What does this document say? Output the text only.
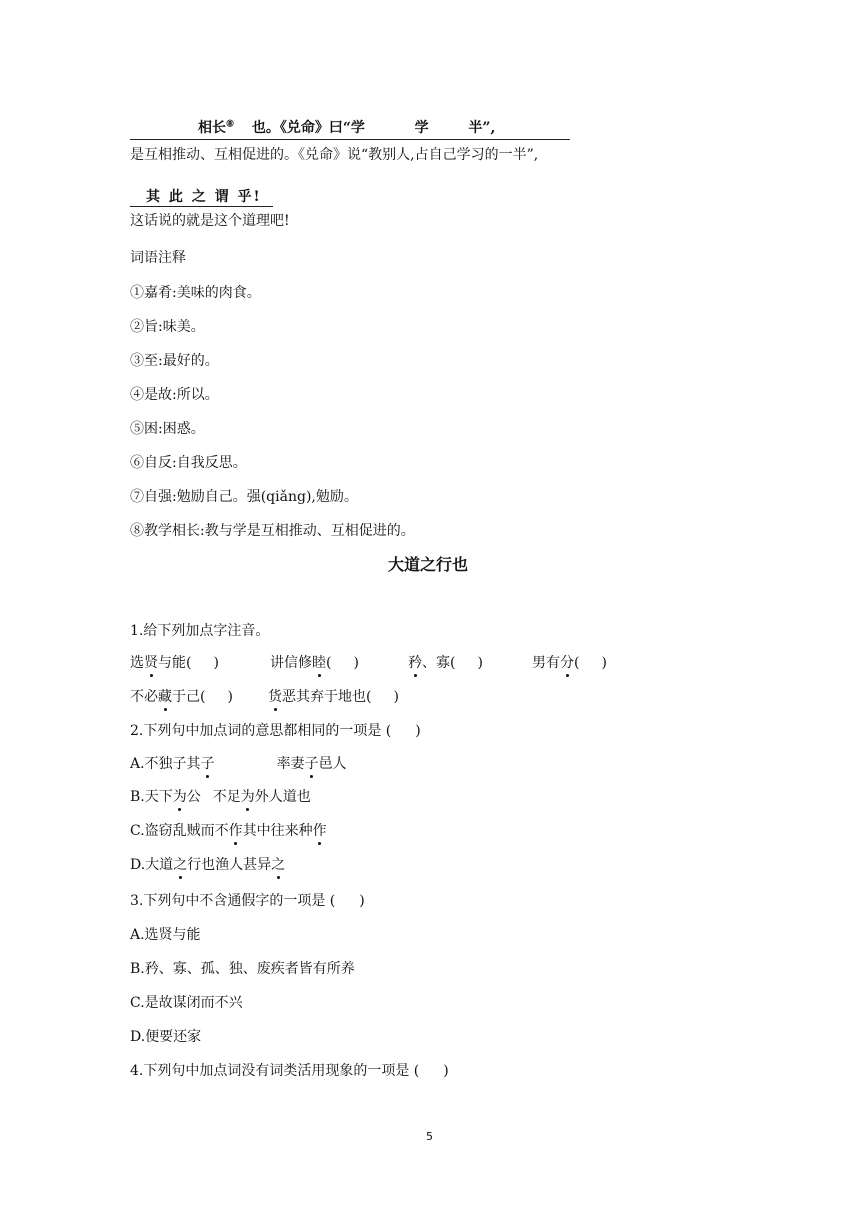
相长⑧ 也。《兑命》曰“学	学	半”,
是互相推动、互相促进的。《兑命》说“教别人,占自己学习的一半”,
其 此 之 谓 乎!
这话说的就是这个道理吧!
词语注释
①嘉肴:美味的肉食。
②旨:味美。
③至:最好的。
④是故:所以。
⑤困:困惑。
⑥自反:自我反思。
⑦自强:勉励自己。强(qiǎng),勉励。
⑧教学相长:教与学是互相推动、互相促进的。
大道之行也
1.给下列加点字注音。
选贤与能( )	讲信修睦( )	矜、寡( )	男有分( )
不必藏于己( )	货恶其弃于地也( )
2.下列句中加点词的意思都相同的一项是 ( )
A.不独子其子	率妻子邑人
B.天下为公 不足为外人道也
C.盗窃乱贼而不作其中往来种作
D.大道之行也渔人甚异之
3.下列句中不含通假字的一项是 ( )
A.选贤与能
B.矜、寡、孤、独、废疾者皆有所养
C.是故谋闭而不兴
D.便要还家
4.下列句中加点词没有词类活用现象的一项是 ( )
5
